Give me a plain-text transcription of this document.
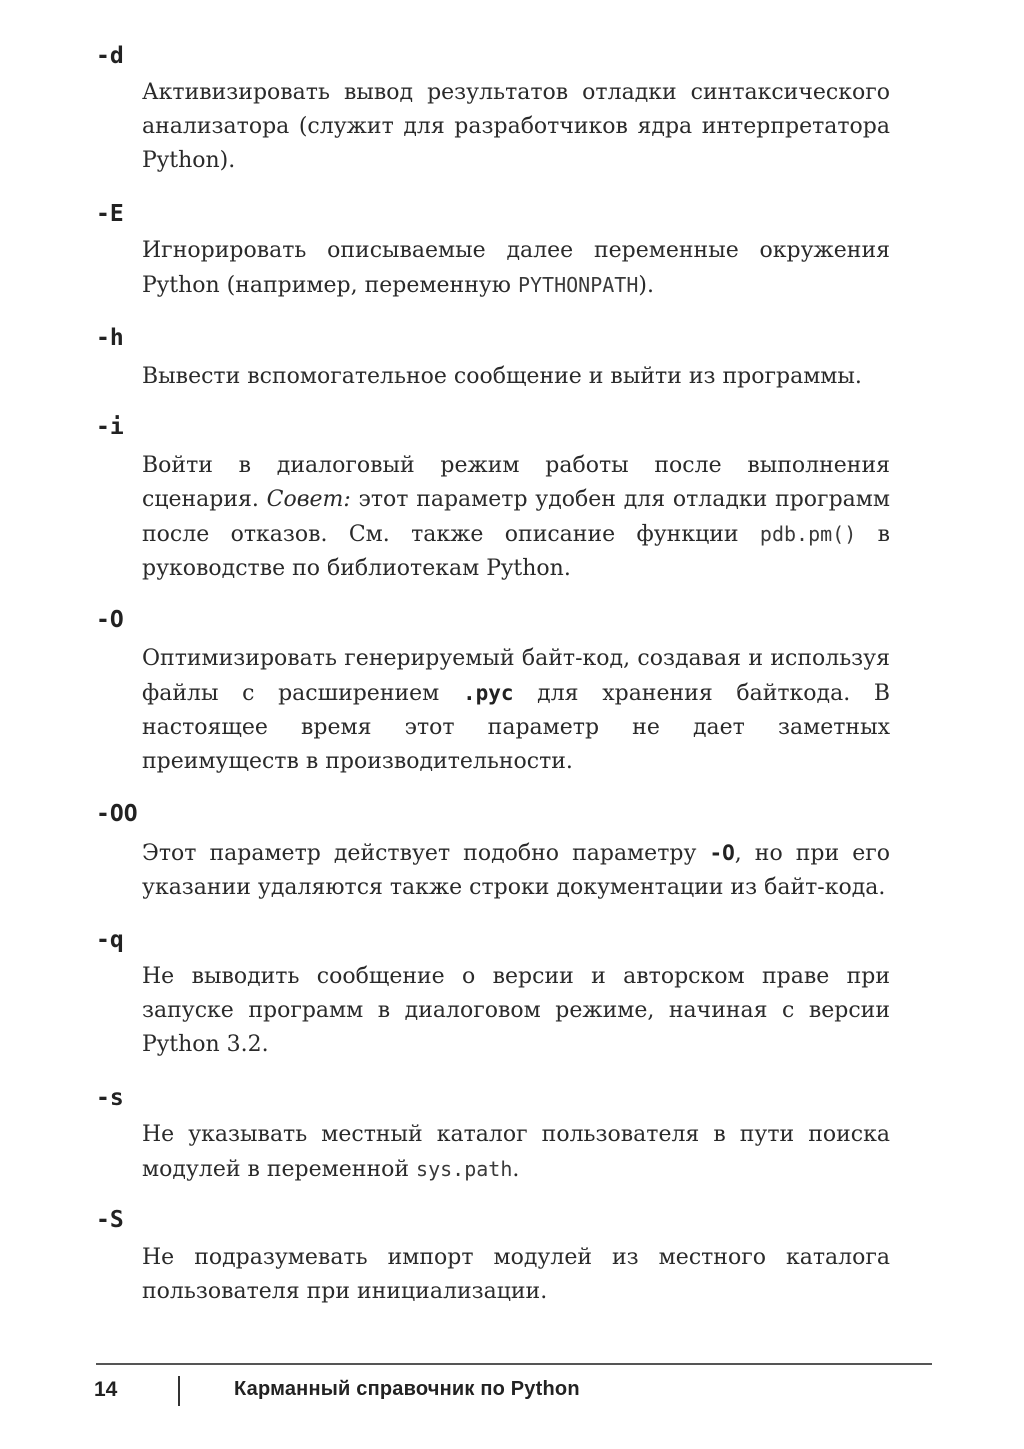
-d

Активизировать вывод результатов отладки синтаксического анализатора (служит для разработчиков ядра интерпретатора Python).

-E

Игнорировать описываемые далее переменные окружения Python (например, переменную PYTHONPATH).

-h

Вывести вспомогательное сообщение и выйти из программы.

-i

Войти в диалоговый режим работы после выполнения сценария. Совет: этот параметр удобен для отладки программ после отказов. См. также описание функции pdb.pm() в руководстве по библиотекам Python.

-O

Оптимизировать генерируемый байт-код, создавая и используя файлы с расширением .pyc для хранения байткода. В настоящее время этот параметр не дает заметных преимуществ в производительности.

-OO

Этот параметр действует подобно параметру -O, но при его указании удаляются также строки документации из байт-кода.

-q

Не выводить сообщение о версии и авторском праве при запуске программ в диалоговом режиме, начиная с версии Python 3.2.

-s

Не указывать местный каталог пользователя в пути поиска модулей в переменной sys.path.

-S

Не подразумевать импорт модулей из местного каталога пользователя при инициализации.

14	Карманный справочник по Python
